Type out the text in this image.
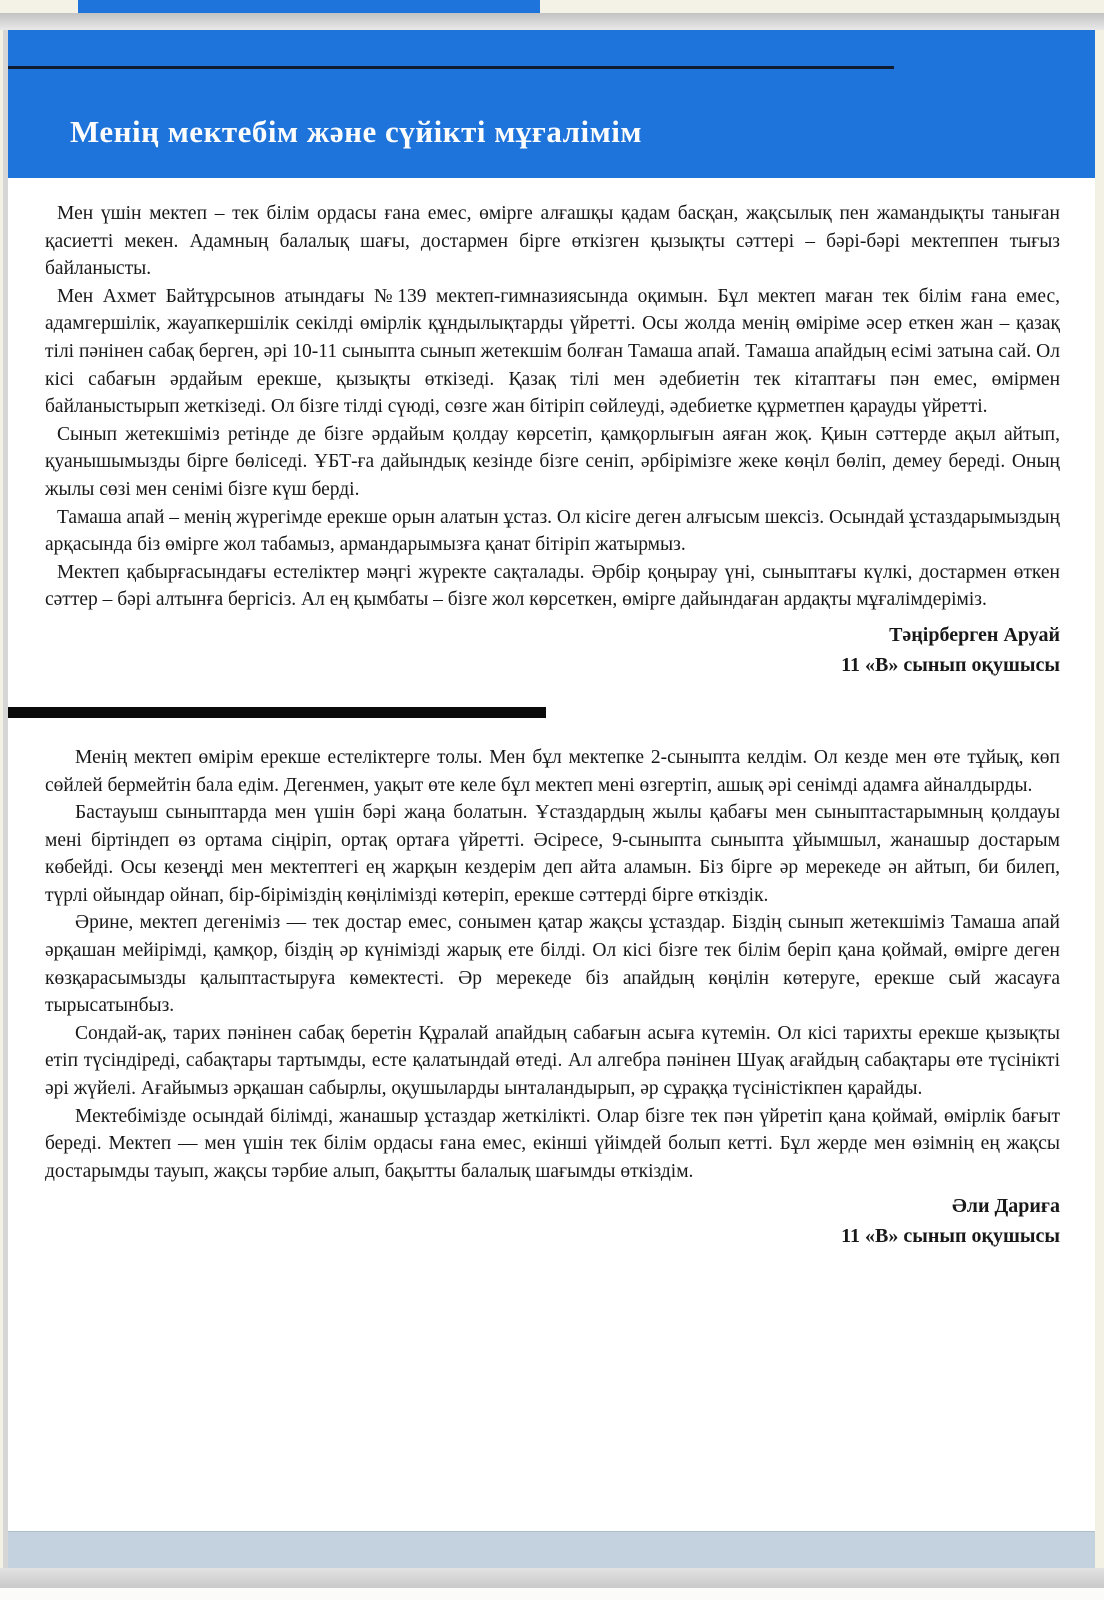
Менің мектебім және сүйікті мұғалімім

Мен үшін мектеп – тек білім ордасы ғана емес, өмірге алғашқы қадам басқан, жақсылық пен жамандықты таныған қасиетті мекен. Адамның балалық шағы, достармен бірге өткізген қызықты сәттері – бәрі-бәрі мектеппен тығыз байланысты.

Мен Ахмет Байтұрсынов атындағы №139 мектеп-гимназиясында оқимын. Бұл мектеп маған тек білім ғана емес, адамгершілік, жауапкершілік секілді өмірлік құндылықтарды үйретті. Осы жолда менің өміріме әсер еткен жан – қазақ тілі пәнінен сабақ берген, әрі 10-11 сыныпта сынып жетекшім болған Тамаша апай. Тамаша апайдың есімі затына сай. Ол кісі сабағын әрдайым ерекше, қызықты өткізеді. Қазақ тілі мен әдебиетін тек кітаптағы пән емес, өмірмен байланыстырып жеткізеді. Ол бізге тілді сүюді, сөзге жан бітіріп сөйлеуді, әдебиетке құрметпен қарауды үйретті.

Сынып жетекшіміз ретінде де бізге әрдайым қолдау көрсетіп, қамқорлығын аяған жоқ. Қиын сәттерде ақыл айтып, қуанышымызды бірге бөліседі. ҰБТ-ға дайындық кезінде бізге сеніп, әрбірімізге жеке көңіл бөліп, демеу береді. Оның жылы сөзі мен сенімі бізге күш берді.

Тамаша апай – менің жүрегімде ерекше орын алатын ұстаз. Ол кісіге деген алғысым шексіз. Осындай ұстаздарымыздың арқасында біз өмірге жол табамыз, армандарымызға қанат бітіріп жатырмыз.

Мектеп қабырғасындағы естеліктер мәңгі жүректе сақталады. Әрбір қоңырау үні, сыныптағы күлкі, достармен өткен сәттер – бәрі алтынға бергісіз. Ал ең қымбаты – бізге жол көрсеткен, өмірге дайындаған ардақты мұғалімдеріміз.

Тәңірберген Аруай
11 «В» сынып оқушысы

Менің мектеп өмірім ерекше естеліктерге толы. Мен бұл мектепке 2-сыныпта келдім. Ол кезде мен өте тұйық, көп сөйлей бермейтін бала едім. Дегенмен, уақыт өте келе бұл мектеп мені өзгертіп, ашық әрі сенімді адамға айналдырды.

Бастауыш сыныптарда мен үшін бәрі жаңа болатын. Ұстаздардың жылы қабағы мен сыныптастарымның қолдауы мені біртіндеп өз ортама сіңіріп, ортақ ортаға үйретті. Әсіресе, 9-сыныпта сыныпта ұйымшыл, жанашыр достарым көбейді. Осы кезеңді мен мектептегі ең жарқын кездерім деп айта аламын. Біз бірге әр мерекеде ән айтып, би билеп, түрлі ойындар ойнап, бір-біріміздің көңілімізді көтеріп, ерекше сәттерді бірге өткіздік.

Әрине, мектеп дегеніміз — тек достар емес, сонымен қатар жақсы ұстаздар. Біздің сынып жетекшіміз Тамаша апай әрқашан мейірімді, қамқор, біздің әр күнімізді жарық ете білді. Ол кісі бізге тек білім беріп қана қоймай, өмірге деген көзқарасымызды қалыптастыруға көмектесті. Әр мерекеде біз апайдың көңілін көтеруге, ерекше сый жасауға тырысатынбыз.

Сондай-ақ, тарих пәнінен сабақ беретін Құралай апайдың сабағын асыға күтемін. Ол кісі тарихты ерекше қызықты етіп түсіндіреді, сабақтары тартымды, есте қалатындай өтеді. Ал алгебра пәнінен Шуақ ағайдың сабақтары өте түсінікті әрі жүйелі. Ағайымыз әрқашан сабырлы, оқушыларды ынталандырып, әр сұраққа түсіністікпен қарайды.

Мектебімізде осындай білімді, жанашыр ұстаздар жеткілікті. Олар бізге тек пән үйретіп қана қоймай, өмірлік бағыт береді. Мектеп — мен үшін тек білім ордасы ғана емес, екінші үйімдей болып кетті. Бұл жерде мен өзімнің ең жақсы достарымды тауып, жақсы тәрбие алып, бақытты балалық шағымды өткіздім.

Әли Дариға
11 «В» сынып оқушысы
